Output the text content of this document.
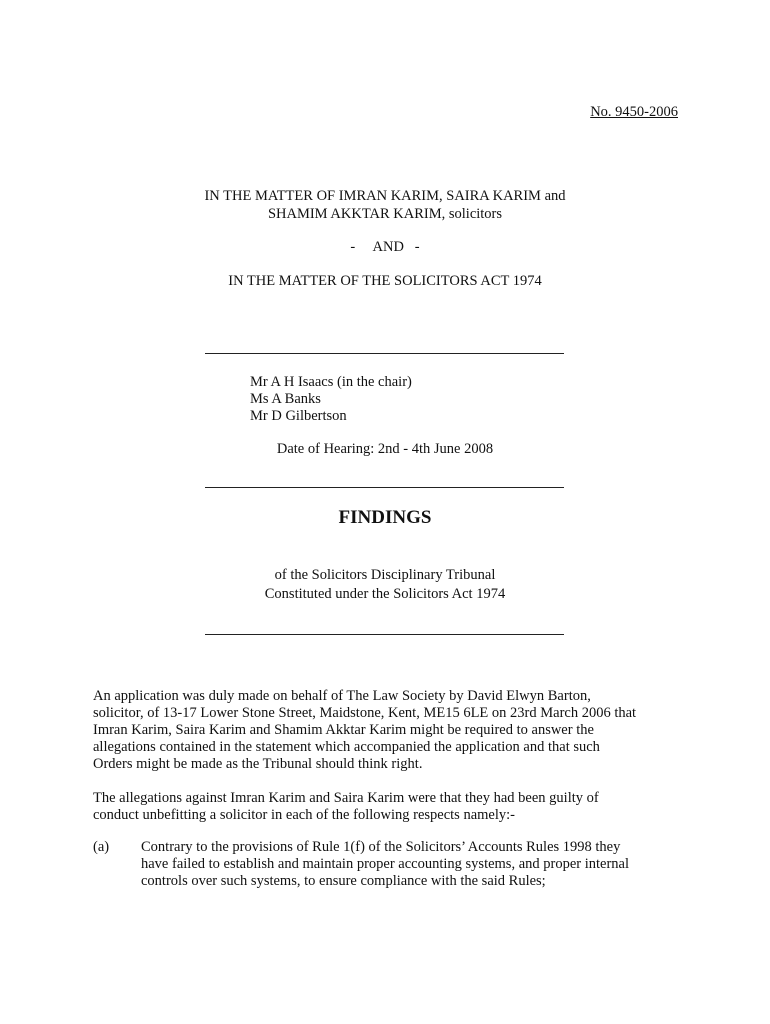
No. 9450-2006
IN THE MATTER OF IMRAN KARIM, SAIRA KARIM and
SHAMIM AKKTAR KARIM, solicitors
-     AND   -
IN THE MATTER OF THE SOLICITORS ACT 1974
Mr A H Isaacs (in the chair)
Ms A Banks
Mr D Gilbertson
Date of Hearing: 2nd - 4th June 2008
FINDINGS
of the Solicitors Disciplinary Tribunal
Constituted under the Solicitors Act 1974
An application was duly made on behalf of The Law Society by David Elwyn Barton,
solicitor, of 13-17 Lower Stone Street, Maidstone, Kent, ME15 6LE on 23rd March 2006 that
Imran Karim, Saira Karim and Shamim Akktar Karim might be required to answer the
allegations contained in the statement which accompanied the application and that such
Orders might be made as the Tribunal should think right.
The allegations against Imran Karim and Saira Karim were that they had been guilty of
conduct unbefitting a solicitor in each of the following respects namely:-
(a) Contrary to the provisions of Rule 1(f) of the Solicitors’ Accounts Rules 1998 they
have failed to establish and maintain proper accounting systems, and proper internal
controls over such systems, to ensure compliance with the said Rules;
